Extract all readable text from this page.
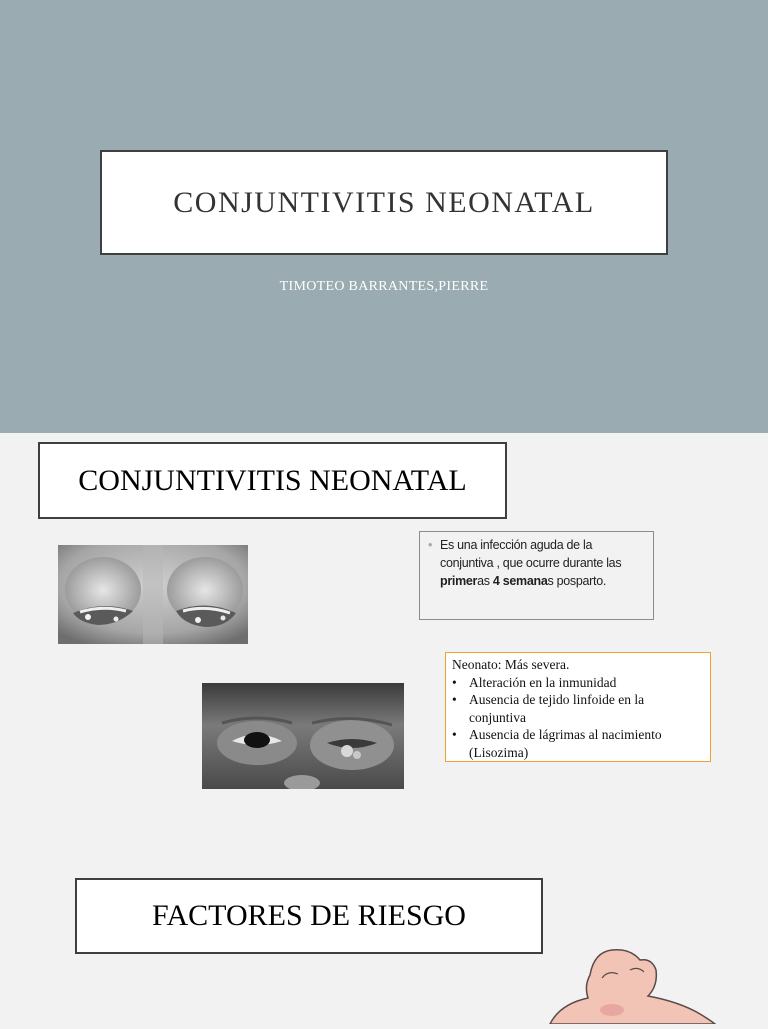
CONJUNTIVITIS NEONATAL
TIMOTEO BARRANTES,PIERRE
CONJUNTIVITIS NEONATAL
• Es una infección aguda de la conjuntiva , que ocurre durante las primeras 4 semanas posparto.
Neonato: Más severa.
• Alteración en la inmunidad
• Ausencia de tejido linfoide en la conjuntiva
• Ausencia de lágrimas al nacimiento (Lisozima)
FACTORES DE RIESGO
